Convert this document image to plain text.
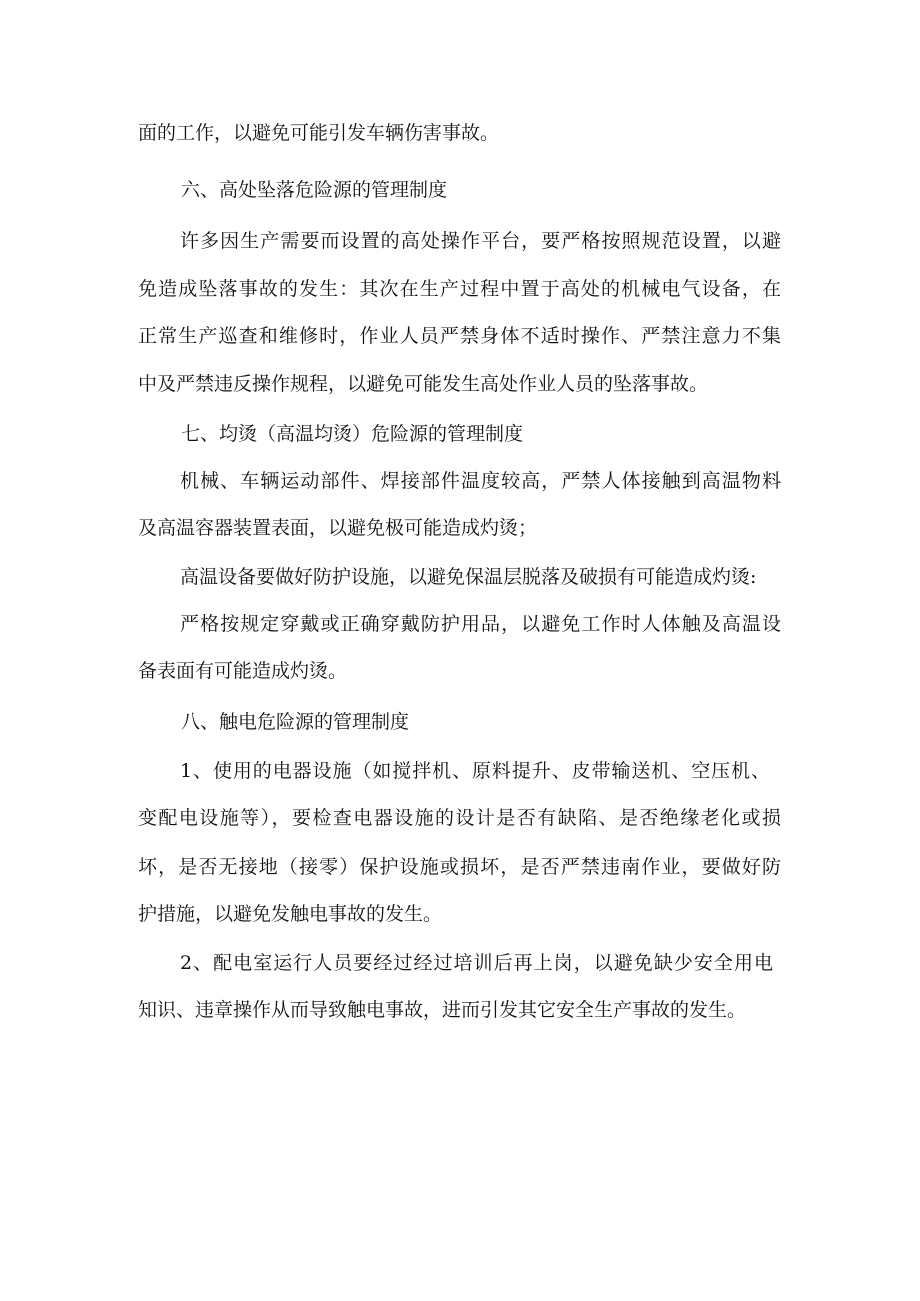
面的工作，以避免可能引发车辆伤害事故。
六、高处坠落危险源的管理制度
许多因生产需要而设置的高处操作平台，要严格按照规范设置，以避
免造成坠落事故的发生：其次在生产过程中置于高处的机械电气设备，在
正常生产巡查和维修时，作业人员严禁身体不适时操作、严禁注意力不集
中及严禁违反操作规程，以避免可能发生高处作业人员的坠落事故。
七、均烫（高温均烫）危险源的管理制度
机械、车辆运动部件、焊接部件温度较高，严禁人体接触到高温物料
及高温容器装置表面，以避免极可能造成灼烫；
高温设备要做好防护设施，以避免保温层脱落及破损有可能造成灼烫:
严格按规定穿戴或正确穿戴防护用品，以避免工作时人体触及高温设
备表面有可能造成灼烫。
八、触电危险源的管理制度
1、使用的电器设施（如搅拌机、原料提升、皮带输送机、空压机、
变配电设施等），要检查电器设施的设计是否有缺陷、是否绝缘老化或损
坏，是否无接地（接零）保护设施或损坏，是否严禁违南作业，要做好防
护措施，以避免发触电事故的发生。
2、配电室运行人员要经过经过培训后再上岗，以避免缺少安全用电
知识、违章操作从而导致触电事故，进而引发其它安全生产事故的发生。
